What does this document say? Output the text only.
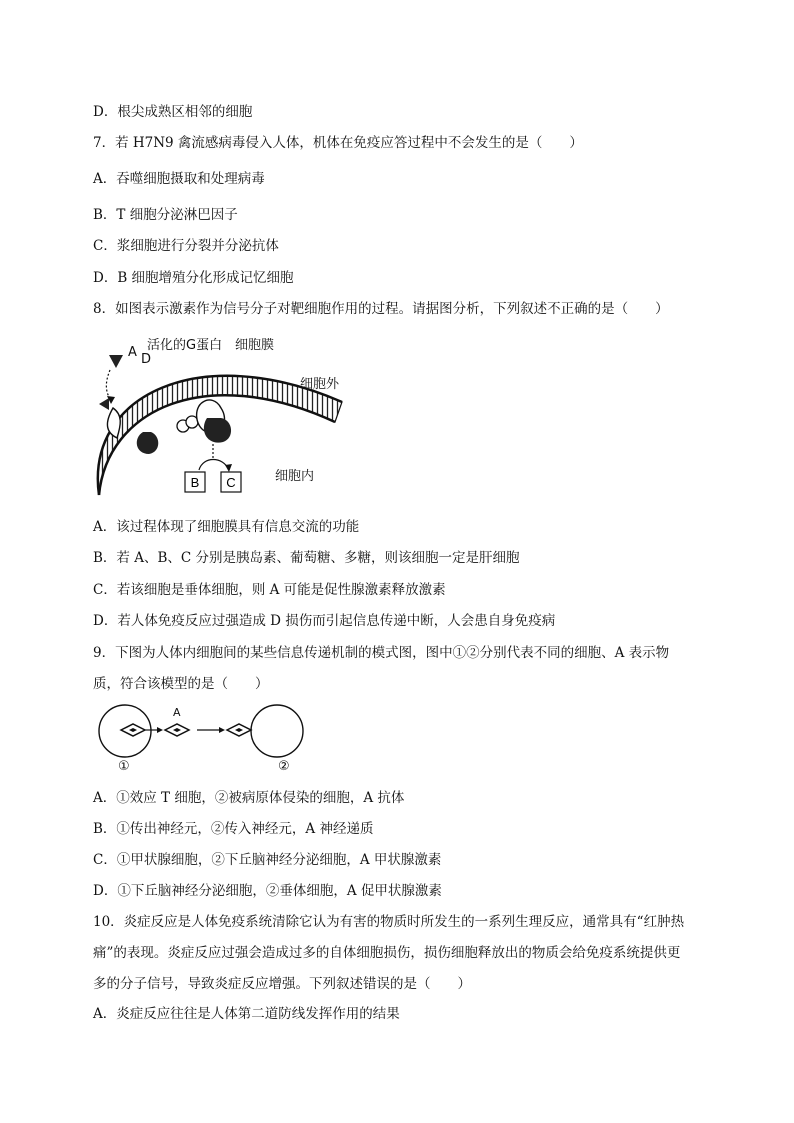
D．根尖成熟区相邻的细胞
7．若 H7N9 禽流感病毒侵入人体，机体在免疫应答过程中不会发生的是（　　）
A．吞噬细胞摄取和处理病毒
B．T 细胞分泌淋巴因子
C．浆细胞进行分裂并分泌抗体
D．B 细胞增殖分化形成记忆细胞
8．如图表示激素作为信号分子对靶细胞作用的过程。请据图分析，下列叙述不正确的是（　　）
B C
A D
活化的G蛋白 细胞膜
细胞外
细胞内
A．该过程体现了细胞膜具有信息交流的功能
B．若 A、B、C 分别是胰岛素、葡萄糖、多糖，则该细胞一定是肝细胞
C．若该细胞是垂体细胞，则 A 可能是促性腺激素释放激素
D．若人体免疫反应过强造成 D 损伤而引起信息传递中断，人会患自身免疫病
9．下图为人体内细胞间的某些信息传递机制的模式图，图中①②分别代表不同的细胞、A 表示物
质，符合该模型的是（　　）
A
①	②
A．①效应 T 细胞，②被病原体侵染的细胞，A 抗体
B．①传出神经元，②传入神经元，A 神经递质
C．①甲状腺细胞，②下丘脑神经分泌细胞，A 甲状腺激素
D．①下丘脑神经分泌细胞，②垂体细胞，A 促甲状腺激素
10．炎症反应是人体免疫系统清除它认为有害的物质时所发生的一系列生理反应，通常具有“红肿热
痛”的表现。炎症反应过强会造成过多的自体细胞损伤，损伤细胞释放出的物质会给免疫系统提供更
多的分子信号，导致炎症反应增强。下列叙述错误的是（　　）
A．炎症反应往往是人体第二道防线发挥作用的结果
